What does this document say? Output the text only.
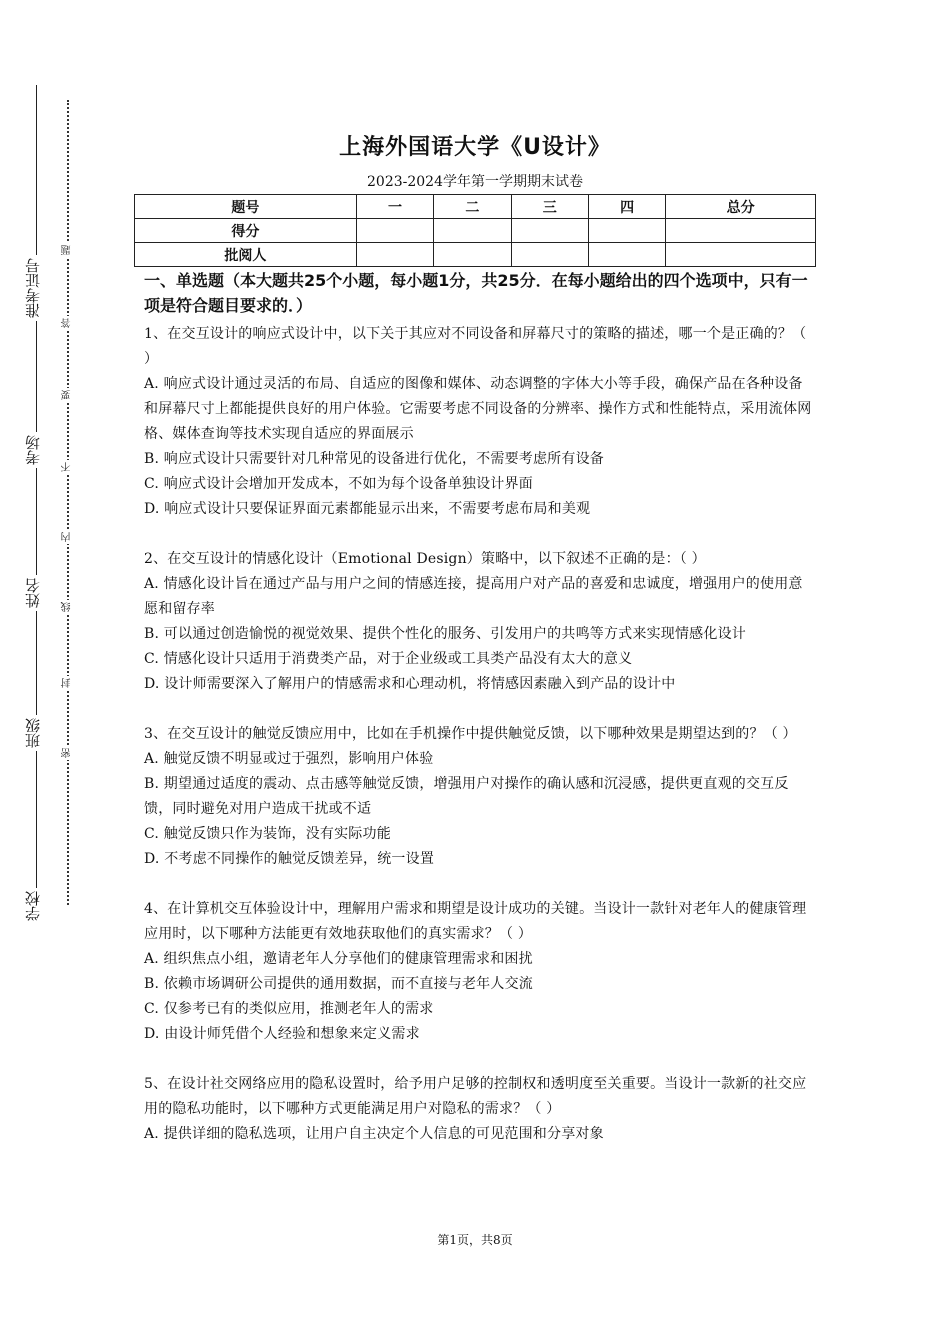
准考证号
考场
姓名
班级
学校
题
答
要
不
内
线
封
密
上海外国语大学《U设计》
2023-2024学年第一学期期末试卷
题号	一	二	三	四	总分
得分					
批阅人					
一、单选题（本大题共25个小题，每小题1分，共25分．在每小题给出的四个选项中，只有一项是符合题目要求的．）

1、在交互设计的响应式设计中，以下关于其应对不同设备和屏幕尺寸的策略的描述，哪一个是正确的？（ ）

A. 响应式设计通过灵活的布局、自适应的图像和媒体、动态调整的字体大小等手段，确保产品在各种设备和屏幕尺寸上都能提供良好的用户体验。它需要考虑不同设备的分辨率、操作方式和性能特点，采用流体网格、媒体查询等技术实现自适应的界面展示

B. 响应式设计只需要针对几种常见的设备进行优化，不需要考虑所有设备

C. 响应式设计会增加开发成本，不如为每个设备单独设计界面

D. 响应式设计只要保证界面元素都能显示出来，不需要考虑布局和美观

2、在交互设计的情感化设计（Emotional Design）策略中，以下叙述不正确的是：（ ）

A. 情感化设计旨在通过产品与用户之间的情感连接，提高用户对产品的喜爱和忠诚度，增强用户的使用意愿和留存率

B. 可以通过创造愉悦的视觉效果、提供个性化的服务、引发用户的共鸣等方式来实现情感化设计

C. 情感化设计只适用于消费类产品，对于企业级或工具类产品没有太大的意义

D. 设计师需要深入了解用户的情感需求和心理动机，将情感因素融入到产品的设计中

3、在交互设计的触觉反馈应用中，比如在手机操作中提供触觉反馈，以下哪种效果是期望达到的？（ ）

A. 触觉反馈不明显或过于强烈，影响用户体验

B. 期望通过适度的震动、点击感等触觉反馈，增强用户对操作的确认感和沉浸感，提供更直观的交互反馈，同时避免对用户造成干扰或不适

C. 触觉反馈只作为装饰，没有实际功能

D. 不考虑不同操作的触觉反馈差异，统一设置

4、在计算机交互体验设计中，理解用户需求和期望是设计成功的关键。当设计一款针对老年人的健康管理应用时，以下哪种方法能更有效地获取他们的真实需求？（ ）

A. 组织焦点小组，邀请老年人分享他们的健康管理需求和困扰

B. 依赖市场调研公司提供的通用数据，而不直接与老年人交流

C. 仅参考已有的类似应用，推测老年人的需求

D. 由设计师凭借个人经验和想象来定义需求

5、在设计社交网络应用的隐私设置时，给予用户足够的控制权和透明度至关重要。当设计一款新的社交应用的隐私功能时，以下哪种方式更能满足用户对隐私的需求？（ ）

A. 提供详细的隐私选项，让用户自主决定个人信息的可见范围和分享对象

第1页，共8页
